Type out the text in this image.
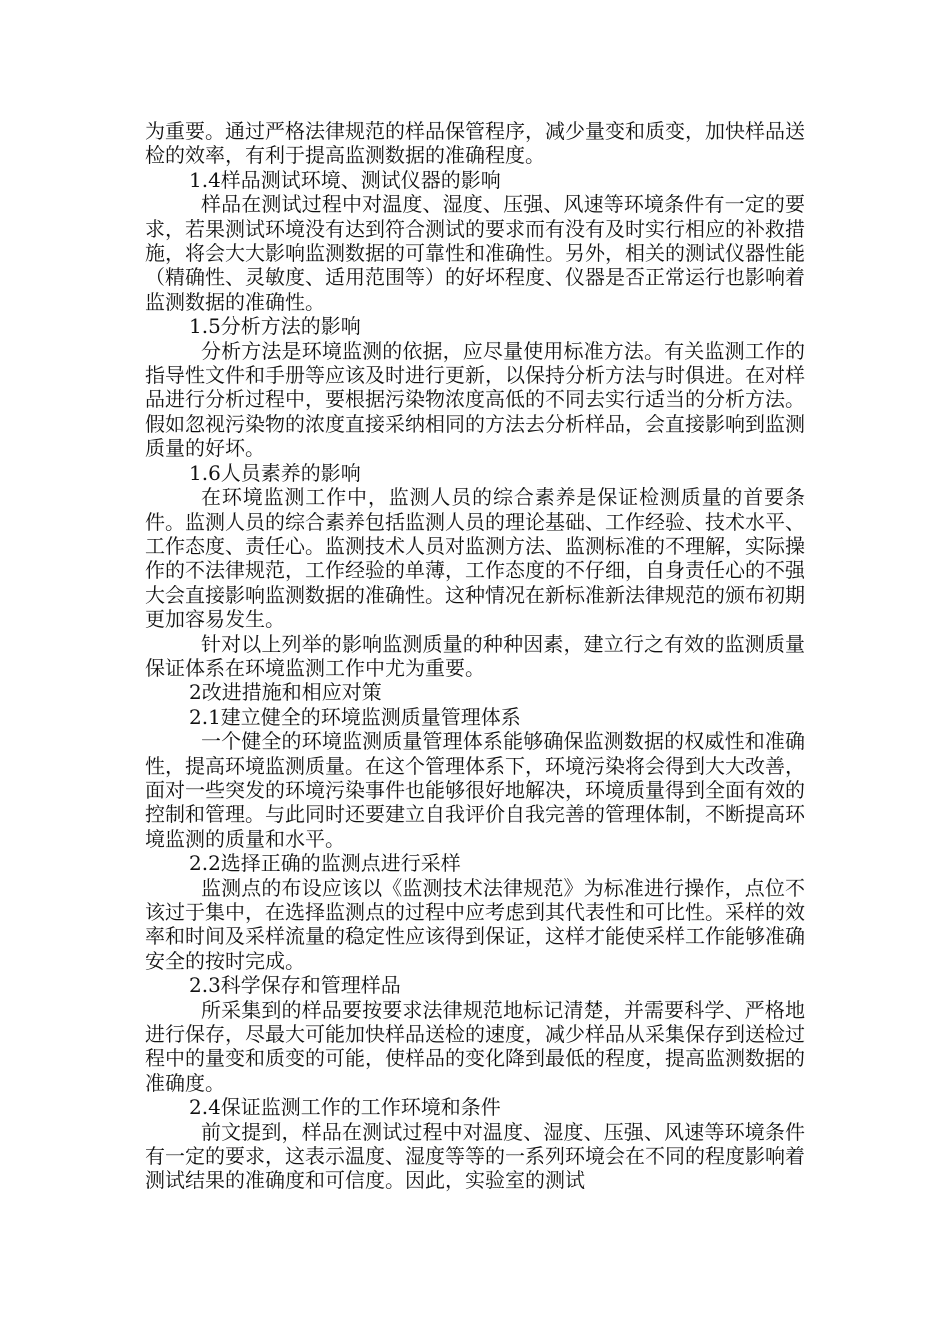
为重要。通过严格法律规范的样品保管程序，减少量变和质变，加快样品送检的效率，有利于提高监测数据的准确程度。

1.4样品测试环境、测试仪器的影响

样品在测试过程中对温度、湿度、压强、风速等环境条件有一定的要求，若果测试环境没有达到符合测试的要求而有没有及时实行相应的补救措施，将会大大影响监测数据的可靠性和准确性。另外，相关的测试仪器性能（精确性、灵敏度、适用范围等）的好坏程度、仪器是否正常运行也影响着监测数据的准确性。

1.5分析方法的影响

分析方法是环境监测的依据，应尽量使用标准方法。有关监测工作的指导性文件和手册等应该及时进行更新，以保持分析方法与时俱进。在对样品进行分析过程中，要根据污染物浓度高低的不同去实行适当的分析方法。假如忽视污染物的浓度直接采纳相同的方法去分析样品，会直接影响到监测质量的好坏。

1.6人员素养的影响

在环境监测工作中，监测人员的综合素养是保证检测质量的首要条件。监测人员的综合素养包括监测人员的理论基础、工作经验、技术水平、工作态度、责任心。监测技术人员对监测方法、监测标准的不理解，实际操作的不法律规范，工作经验的单薄，工作态度的不仔细，自身责任心的不强大会直接影响监测数据的准确性。这种情况在新标准新法律规范的颁布初期更加容易发生。

针对以上列举的影响监测质量的种种因素，建立行之有效的监测质量保证体系在环境监测工作中尤为重要。

2改进措施和相应对策

2.1建立健全的环境监测质量管理体系

一个健全的环境监测质量管理体系能够确保监测数据的权威性和准确性，提高环境监测质量。在这个管理体系下，环境污染将会得到大大改善，面对一些突发的环境污染事件也能够很好地解决，环境质量得到全面有效的控制和管理。与此同时还要建立自我评价自我完善的管理体制，不断提高环境监测的质量和水平。

2.2选择正确的监测点进行采样

监测点的布设应该以《监测技术法律规范》为标准进行操作，点位不该过于集中，在选择监测点的过程中应考虑到其代表性和可比性。采样的效率和时间及采样流量的稳定性应该得到保证，这样才能使采样工作能够准确安全的按时完成。

2.3科学保存和管理样品

所采集到的样品要按要求法律规范地标记清楚，并需要科学、严格地进行保存，尽最大可能加快样品送检的速度，减少样品从采集保存到送检过程中的量变和质变的可能，使样品的变化降到最低的程度，提高监测数据的准确度。

2.4保证监测工作的工作环境和条件

前文提到，样品在测试过程中对温度、湿度、压强、风速等环境条件有一定的要求，这表示温度、湿度等等的一系列环境会在不同的程度影响着测试结果的准确度和可信度。因此，实验室的测试
